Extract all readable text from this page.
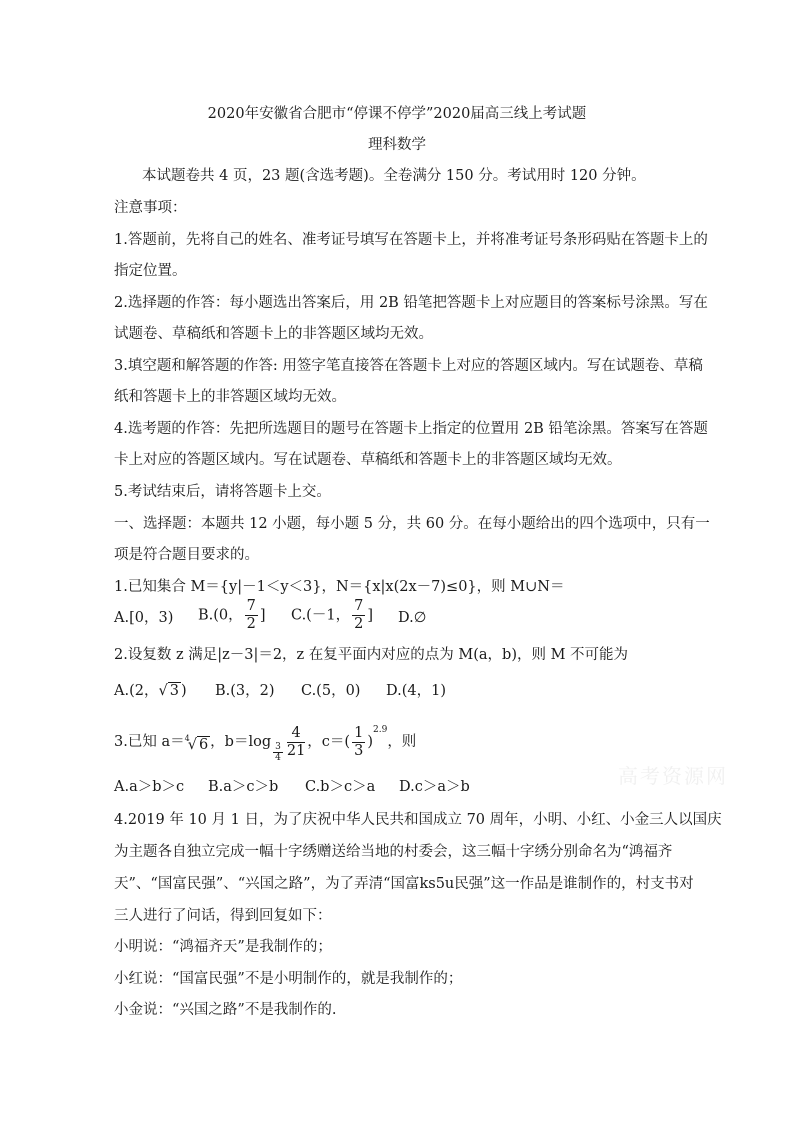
2020年安徽省合肥市“停课不停学”2020届高三线上考试题
理科数学
本试题卷共 4 页，23 题(含选考题)。全卷满分 150 分。考试用时 120 分钟。
注意事项：
1.答题前，先将自己的姓名、准考证号填写在答题卡上，并将准考证号条形码贴在答题卡上的
指定位置。
2.选择题的作答：每小题选出答案后，用 2B 铅笔把答题卡上对应题目的答案标号涂黑。写在
试题卷、草稿纸和答题卡上的非答题区域均无效。
3.填空题和解答题的作答: 用签字笔直接答在答题卡上对应的答题区域内。写在试题卷、草稿
纸和答题卡上的非答题区域均无效。
4.选考题的作答：先把所选题目的题号在答题卡上指定的位置用 2B 铅笔涂黑。答案写在答题
卡上对应的答题区域内。写在试题卷、草稿纸和答题卡上的非答题区域均无效。
5.考试结束后，请将答题卡上交。
一、选择题：本题共 12 小题，每小题 5 分，共 60 分。在每小题给出的四个选项中，只有一
项是符合题目要求的。
1.已知集合 M＝{y|－1＜y＜3}，N＝{x|x(2x－7)≤0}，则 M∪N＝
A.[0，3) B.(0， $\frac{7}{2}$ ] C.(－1， $\frac{7}{2}$ ] D.∅
2.设复数 z 满足|z－3|＝2，z 在复平面内对应的点为 M(a，b)，则 M 不可能为
A.(2，√ 3 ) B.(3，2) C.(5，0) D.(4，1)
3.已知 a＝$^4$√ 6 ，$b=\log \frac{3}{4} \frac{4}{21}$ ，$c=( \frac{1}{3} )^{2.9}$，则
A.a＞b＞c B.a＞c＞b C.b＞c＞a D.c＞a＞b	高考资源网
4.2019 年 10 月 1 日，为了庆祝中华人民共和国成立 70 周年，小明、小红、小金三人以国庆
为主题各自独立完成一幅十字绣赠送给当地的村委会，这三幅十字绣分别命名为“鸿福齐
天”、“国富民强”、“兴国之路”，为了弄清“国富ks5u民强”这一作品是谁制作的，村支书对
三人进行了问话，得到回复如下：
小明说：“鸿福齐天”是我制作的；
小红说：“国富民强”不是小明制作的，就是我制作的；
小金说：“兴国之路”不是我制作的.
